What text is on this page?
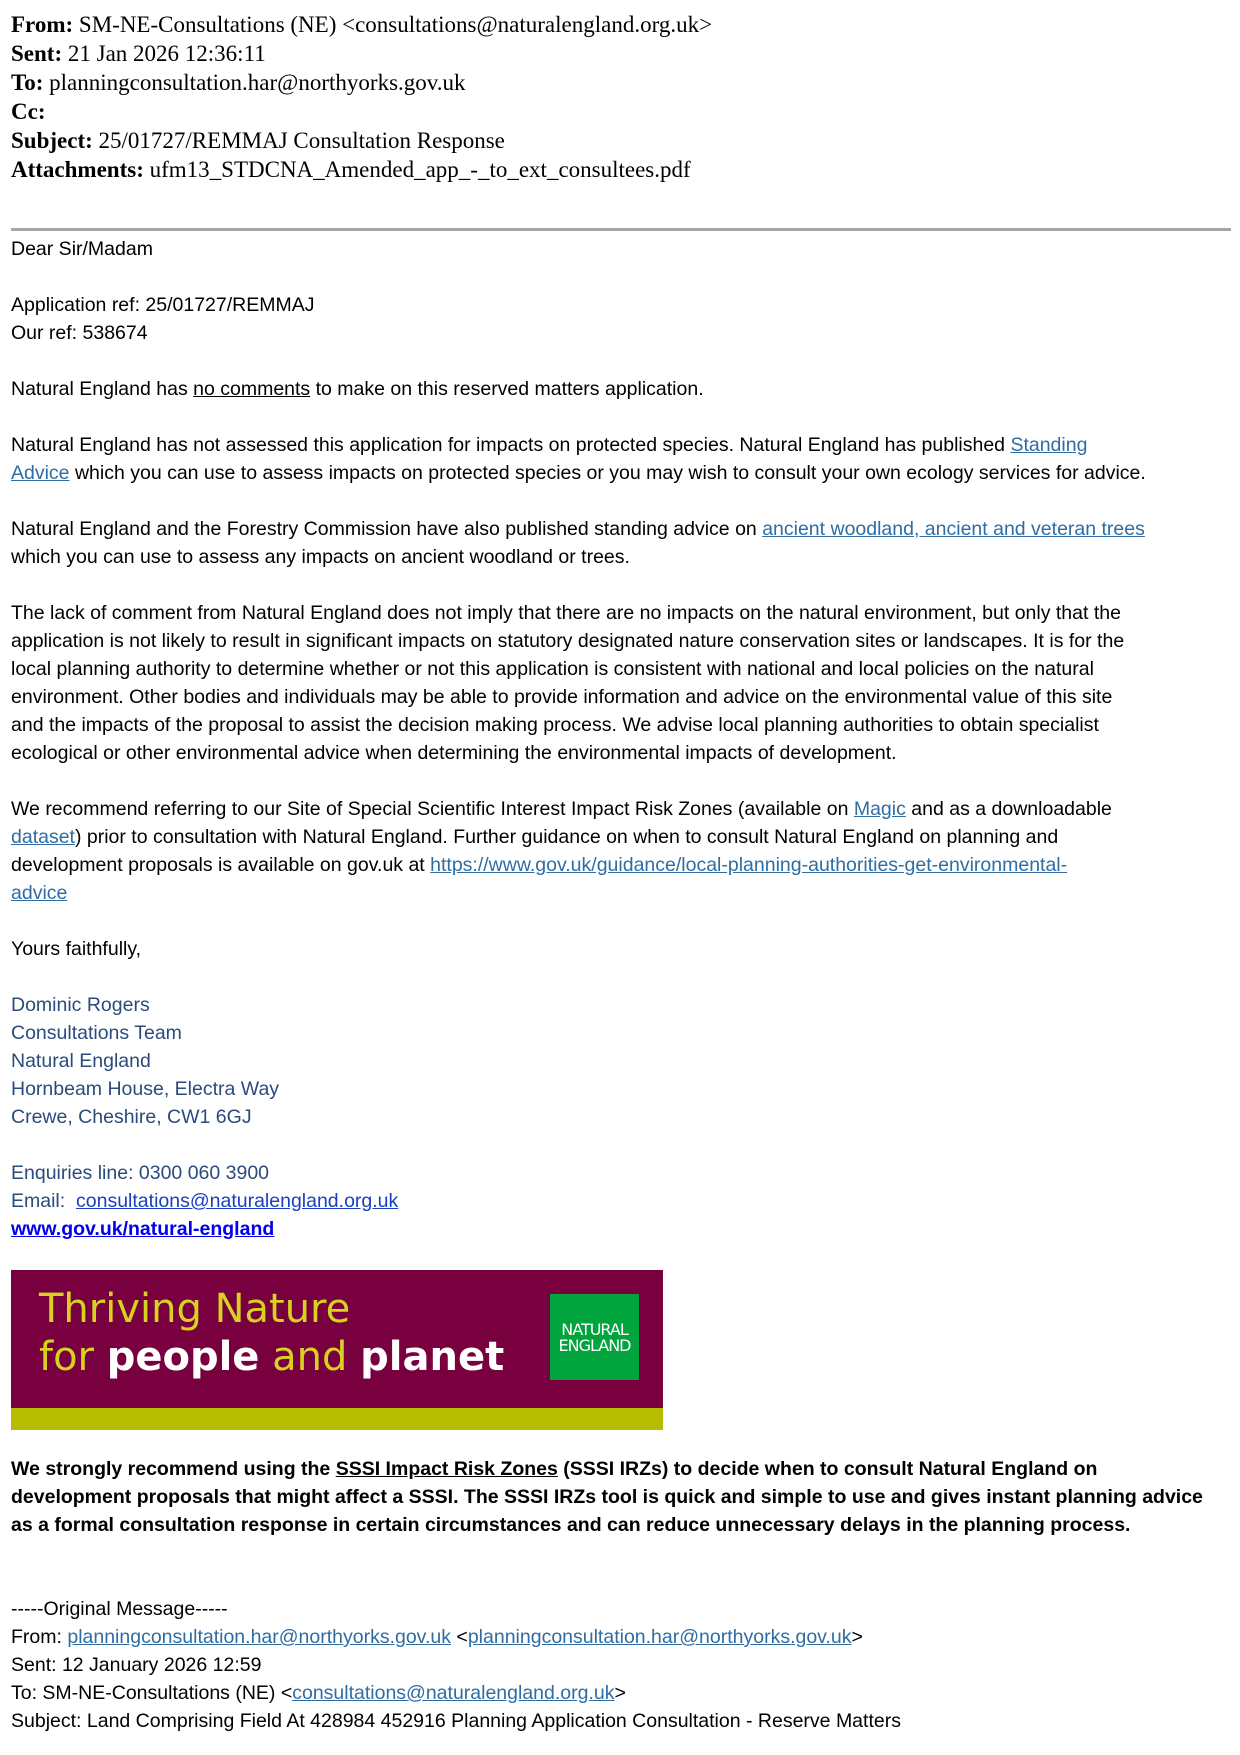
From: SM-NE-Consultations (NE) <consultations@naturalengland.org.uk>
Sent: 21 Jan 2026 12:36:11
To: planningconsultation.har@northyorks.gov.uk
Cc:
Subject: 25/01727/REMMAJ Consultation Response
Attachments: ufm13_STDCNA_Amended_app_-_to_ext_consultees.pdf
Dear Sir/Madam
Application ref: 25/01727/REMMAJ
Our ref: 538674
Natural England has no comments to make on this reserved matters application.
Natural England has not assessed this application for impacts on protected species. Natural England has published Standing
Advice which you can use to assess impacts on protected species or you may wish to consult your own ecology services for advice.
Natural England and the Forestry Commission have also published standing advice on ancient woodland, ancient and veteran trees
which you can use to assess any impacts on ancient woodland or trees.
The lack of comment from Natural England does not imply that there are no impacts on the natural environment, but only that the
application is not likely to result in significant impacts on statutory designated nature conservation sites or landscapes. It is for the
local planning authority to determine whether or not this application is consistent with national and local policies on the natural
environment. Other bodies and individuals may be able to provide information and advice on the environmental value of this site
and the impacts of the proposal to assist the decision making process. We advise local planning authorities to obtain specialist
ecological or other environmental advice when determining the environmental impacts of development.
We recommend referring to our Site of Special Scientific Interest Impact Risk Zones (available on Magic and as a downloadable
dataset) prior to consultation with Natural England. Further guidance on when to consult Natural England on planning and
development proposals is available on gov.uk at https://www.gov.uk/guidance/local-planning-authorities-get-environmental-
advice
Yours faithfully,
Dominic Rogers
Consultations Team
Natural England
Hornbeam House, Electra Way
Crewe, Cheshire, CW1 6GJ
Enquiries line: 0300 060 3900
Email:  consultations@naturalengland.org.uk
www.gov.uk/natural-england
Thriving Nature
for people and planet
NATURAL
ENGLAND
We strongly recommend using the SSSI Impact Risk Zones (SSSI IRZs) to decide when to consult Natural England on
development proposals that might affect a SSSI. The SSSI IRZs tool is quick and simple to use and gives instant planning advice
as a formal consultation response in certain circumstances and can reduce unnecessary delays in the planning process.
-----Original Message-----
From: planningconsultation.har@northyorks.gov.uk <planningconsultation.har@northyorks.gov.uk>
Sent: 12 January 2026 12:59
To: SM-NE-Consultations (NE) <consultations@naturalengland.org.uk>
Subject: Land Comprising Field At 428984 452916 Planning Application Consultation - Reserve Matters
